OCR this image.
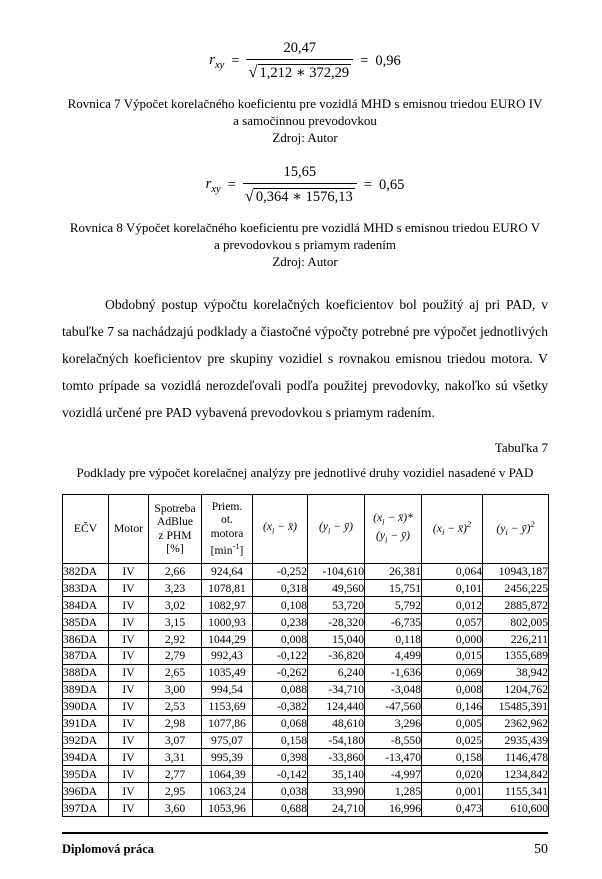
$r_{xy} = \frac{20,47}{√ 1,212 ∗ 372,29} = 0,96$
Rovnica 7 Výpočet korelačného koeficientu pre vozidlá MHD s emisnou triedou EURO IV
a samočinnou prevodovkou
Zdroj: Autor
$r_{xy} = \frac{15,65}{√ 0,364 ∗ 1576,13} = 0,65$
Rovnica 8 Výpočet korelačného koeficientu pre vozidlá MHD s emisnou triedou EURO V
a prevodovkou s priamym radením
Zdroj: Autor

Obdobný postup výpočtu korelačných koeficientov bol použitý aj pri PAD, v tabuľke 7 sa nachádzajú podklady a čiastočné výpočty potrebné pre výpočet jednotlivých korelačných koeficientov pre skupiny vozidiel s rovnakou emisnou triedou motora. V tomto prípade sa vozidlá nerozdeľovali podľa použitej prevodovky, nakoľko sú všetky vozidlá určené pre PAD vybavená prevodovkou s priamym radením.

Tabuľka 7
Podklady pre výpočet korelačnej analýzy pre jednotlivé druhy vozidiel nasadené v PAD
EČV	Motor	Spotreba
AdBlue
z PHM
[%]	Priem.
ot.
motora
$[\min^{-1}]$	($x_i$ − x̄)	($y_i$ − ȳ)	($x_i$ − x̄)*
($y_i$ − ȳ)	($x_i$ − x̄)$^2$	($y_i$ − ȳ)$^2$
382DA	IV	2,66	924,64	-0,252	-104,610	26,381	0,064	10943,187
383DA	IV	3,23	1078,81	0,318	49,560	15,751	0,101	2456,225
384DA	IV	3,02	1082,97	0,108	53,720	5,792	0,012	2885,872
385DA	IV	3,15	1000,93	0,238	-28,320	-6,735	0,057	802,005
386DA	IV	2,92	1044,29	0,008	15,040	0,118	0,000	226,211
387DA	IV	2,79	992,43	-0,122	-36,820	4,499	0,015	1355,689
388DA	IV	2,65	1035,49	-0,262	6,240	-1,636	0,069	38,942
389DA	IV	3,00	994,54	0,088	-34,710	-3,048	0,008	1204,762
390DA	IV	2,53	1153,69	-0,382	124,440	-47,560	0,146	15485,391
391DA	IV	2,98	1077,86	0,068	48,610	3,296	0,005	2362,962
392DA	IV	3,07	975,07	0,158	-54,180	-8,550	0,025	2935,439
394DA	IV	3,31	995,39	0,398	-33,860	-13,470	0,158	1146,478
395DA	IV	2,77	1064,39	-0,142	35,140	-4,997	0,020	1234,842
396DA	IV	2,95	1063,24	0,038	33,990	1,285	0,001	1155,341
397DA	IV	3,60	1053,96	0,688	24,710	16,996	0,473	610,600
Diplomová práca	50
